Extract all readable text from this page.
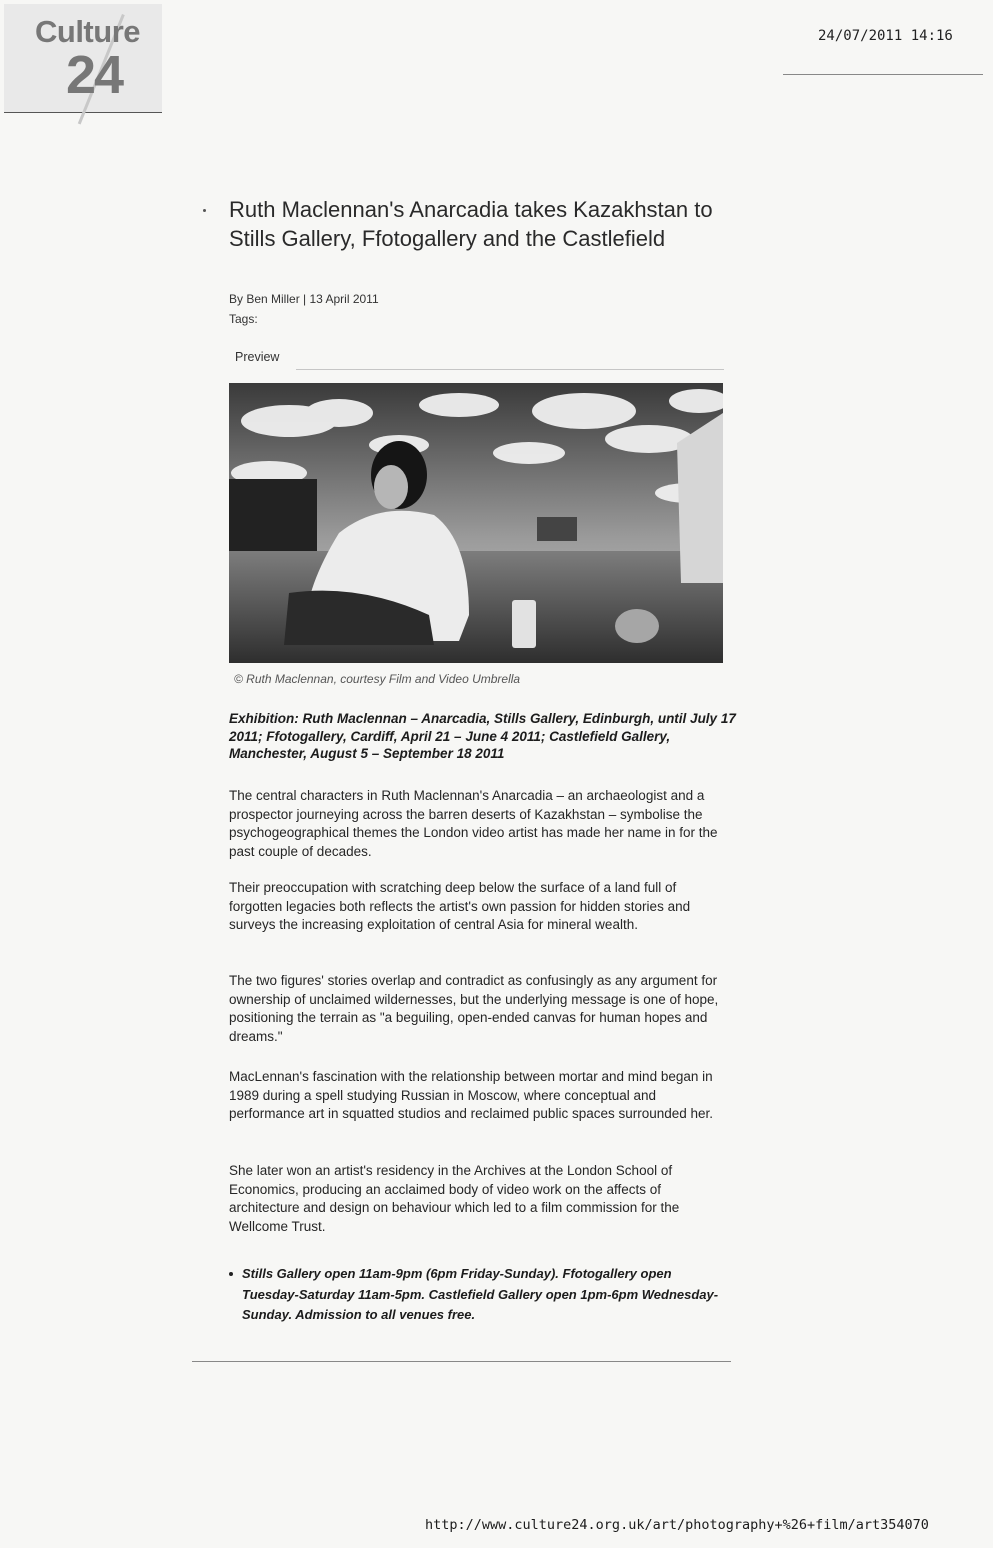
Culture
24
24/07/2011 14:16
Ruth Maclennan's Anarcadia takes Kazakhstan to Stills Gallery, Ffotogallery and the Castlefield
By Ben Miller | 13 April 2011
Tags:
Preview
© Ruth Maclennan, courtesy Film and Video Umbrella

Exhibition: Ruth Maclennan – Anarcadia, Stills Gallery, Edinburgh, until July 17 2011; Ffotogallery, Cardiff, April 21 – June 4 2011; Castlefield Gallery, Manchester, August 5 – September 18 2011

The central characters in Ruth Maclennan's Anarcadia – an archaeologist and a prospector journeying across the barren deserts of Kazakhstan – symbolise the psychogeographical themes the London video artist has made her name in for the past couple of decades.

Their preoccupation with scratching deep below the surface of a land full of forgotten legacies both reflects the artist's own passion for hidden stories and surveys the increasing exploitation of central Asia for mineral wealth.

The two figures' stories overlap and contradict as confusingly as any argument for ownership of unclaimed wildernesses, but the underlying message is one of hope, positioning the terrain as "a beguiling, open-ended canvas for human hopes and dreams."

MacLennan's fascination with the relationship between mortar and mind began in 1989 during a spell studying Russian in Moscow, where conceptual and performance art in squatted studios and reclaimed public spaces surrounded her.

She later won an artist's residency in the Archives at the London School of Economics, producing an acclaimed body of video work on the affects of architecture and design on behaviour which led to a film commission for the Wellcome Trust.

Stills Gallery open 11am-9pm (6pm Friday-Sunday). Ffotogallery open Tuesday-Saturday 11am-5pm. Castlefield Gallery open 1pm-6pm Wednesday-Sunday. Admission to all venues free.

http://www.culture24.org.uk/art/photography+%26+film/art354070
